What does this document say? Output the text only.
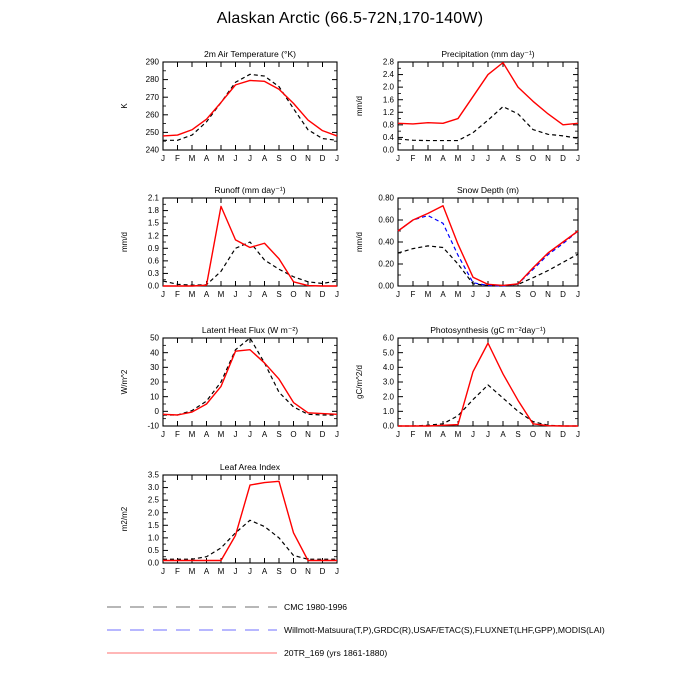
Alaskan Arctic (66.5-72N,170-140W)
2m Air Temperature (°K)
240
250
260
270
280
290
J F M A M J J A S O N D J
K
Precipitation (mm day⁻¹)
0.0
0.4
0.8
1.2
1.6
2.0
2.4
2.8
J F M A M J J A S O N D J
mm/d
Runoff (mm day⁻¹)
0.0
0.3
0.6
0.9
1.2
1.5
1.8
2.1
J F M A M J J A S O N D J
mm/d
Snow Depth (m)
0.00
0.20
0.40
0.60
0.80
J F M A M J J A S O N D J
mm/d
Latent Heat Flux (W m⁻²)
-10
0
10
20
30
40
50
J F M A M J J A S O N D J
W/m^2
Photosynthesis (gC m⁻²day⁻¹)
0.0
1.0
2.0
3.0
4.0
5.0
6.0
J F M A M J J A S O N D J
gC/m^2/d
Leaf Area Index
0.0
0.5
1.0
1.5
2.0
2.5
3.0
3.5
J F M A M J J A S O N D J
m2/m2
CMC 1980-1996
Willmott-Matsuura(T,P),GRDC(R),USAF/ETAC(S),FLUXNET(LHF,GPP),MODIS(LAI)
20TR_169 (yrs 1861-1880)
